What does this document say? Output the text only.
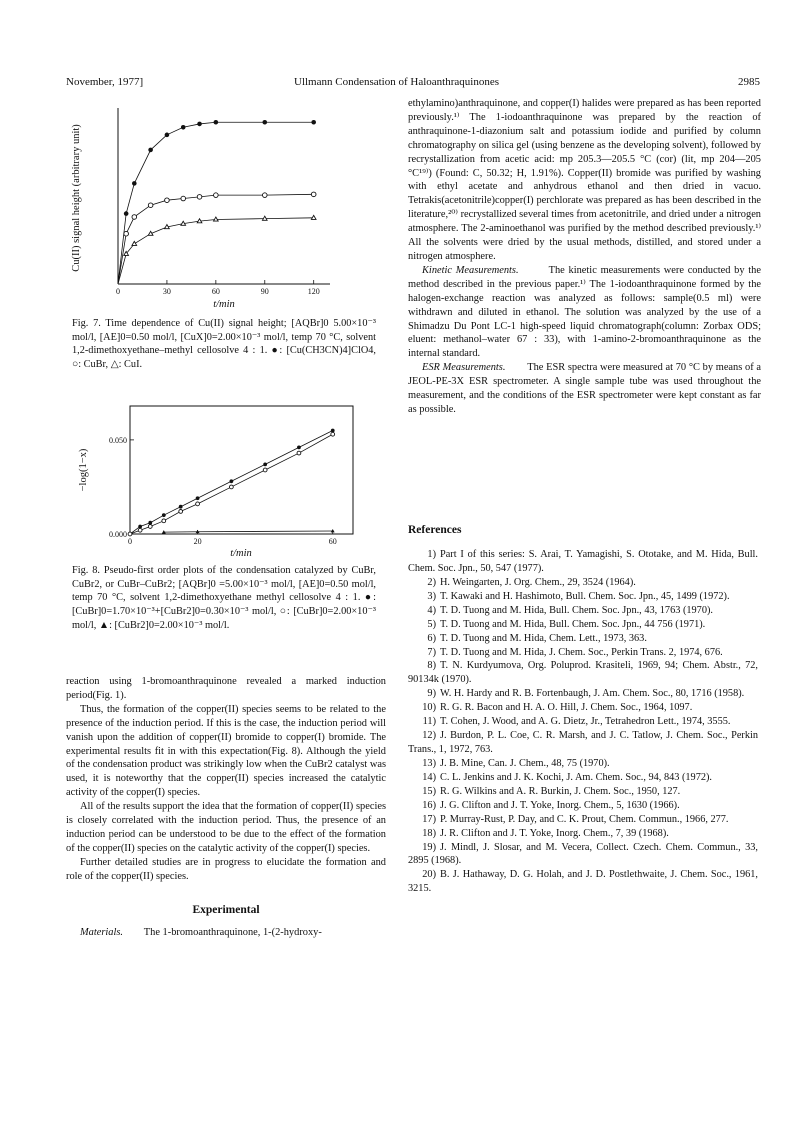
November, 1977]	Ullmann Condensation of Haloanthraquinones	2985
0	30	60	90	120
Cu(II) signal height (arbitrary unit)
t/min
Fig. 7. Time dependence of Cu(II) signal height; [AQBr]0 5.00×10⁻³ mol/l, [AE]0=0.50 mol/l, [CuX]0=2.00×10⁻³ mol/l, temp 70 °C, solvent 1,2-dimethoxyethane–methyl cellosolve 4 : 1. ●: [Cu(CH3CN)4]ClO4, ○: CuBr, △: CuI.
0	20	60
0.000
0.050
−log(1−x)
t/min
Fig. 8. Pseudo-first order plots of the condensation catalyzed by CuBr, CuBr2, or CuBr–CuBr2; [AQBr]0 =5.00×10⁻³ mol/l, [AE]0=0.50 mol/l, temp 70 °C, solvent 1,2-dimethoxyethane methyl cellosolve 4 : 1. ●: [CuBr]0=1.70×10⁻³+[CuBr2]0=0.30×10⁻³ mol/l, ○: [CuBr]0=2.00×10⁻³ mol/l, ▲: [CuBr2]0=2.00×10⁻³ mol/l.

reaction using 1-bromoanthraquinone revealed a marked induction period(Fig. 1).

Thus, the formation of the copper(II) species seems to be related to the presence of the induction period. If this is the case, the induction period will vanish upon the addition of copper(II) bromide to copper(I) bromide. The experimental results fit in with this expectation(Fig. 8). Although the yield of the condensation product was strikingly low when the CuBr2 catalyst was used, it is noteworthy that the copper(II) species increased the catalytic activity of the copper(I) species.

All of the results support the idea that the formation of copper(II) species is closely correlated with the induction period. Thus, the presence of an induction period can be understood to be due to the effect of the formation of the copper(II) species on the catalytic activity of the copper(I) species.

Further detailed studies are in progress to elucidate the formation and role of the copper(II) species.

Experimental

Materials. The 1-bromoanthraquinone, 1-(2-hydroxy-

ethylamino)anthraquinone, and copper(I) halides were prepared as has been reported previously.¹⁾ The 1-iodoanthraquinone was prepared by the reaction of anthraquinone-1-diazonium salt and potassium iodide and purified by column chromatography on silica gel (using benzene as the developing solvent), followed by recrystallization from acetic acid: mp 205.3—205.5 °C (cor) (lit, mp 204—205 °C¹⁹⁾) (Found: C, 50.32; H, 1.91%). Copper(II) bromide was purified by washing with ethyl acetate and anhydrous ethanol and then dried in vacuo. Tetrakis(acetonitrile)copper(I) perchlorate was prepared as has been described in the literature,²⁰⁾ recrystallized several times from acetonitrile, and dried under a nitrogen atmosphere. The 2-aminoethanol was purified by the method described previously.¹⁾ All the solvents were dried by the usual methods, distilled, and stored under a nitrogen atmosphere.

Kinetic Measurements.	The kinetic measurements were conducted by the method described in the previous paper.¹⁾ The 1-iodoanthraquinone formed by the halogen-exchange reaction was analyzed as follows: sample(0.5 ml) were withdrawn and diluted in ethanol. The solution was analyzed by the use of a Shimadzu Du Pont LC-1 high-speed liquid chromatograph(column: Zorbax ODS; eluent: methanol–water 67 : 33), with 1-amino-2-bromoanthraquinone as the internal standard.

ESR Measurements. The ESR spectra were measured at 70 °C by means of a JEOL-PE-3X ESR spectrometer. A single sample tube was used throughout the measurement, and the conditions of the ESR spectrometer were kept constant as far as possible.

References

1) Part I of this series: S. Arai, T. Yamagishi, S. Ototake, and M. Hida, Bull. Chem. Soc. Jpn., 50, 547 (1977).

2) H. Weingarten, J. Org. Chem., 29, 3524 (1964).

3) T. Kawaki and H. Hashimoto, Bull. Chem. Soc. Jpn., 45, 1499 (1972).

4) T. D. Tuong and M. Hida, Bull. Chem. Soc. Jpn., 43, 1763 (1970).

5) T. D. Tuong and M. Hida, Bull. Chem. Soc. Jpn., 44 756 (1971).

6) T. D. Tuong and M. Hida, Chem. Lett., 1973, 363.

7) T. D. Tuong and M. Hida, J. Chem. Soc., Perkin Trans. 2, 1974, 676.

8) T. N. Kurdyumova, Org. Poluprod. Krasiteli, 1969, 94; Chem. Abstr., 72, 90134k (1970).

9) W. H. Hardy and R. B. Fortenbaugh, J. Am. Chem. Soc., 80, 1716 (1958).

10) R. G. R. Bacon and H. A. O. Hill, J. Chem. Soc., 1964, 1097.

11) T. Cohen, J. Wood, and A. G. Dietz, Jr., Tetrahedron Lett., 1974, 3555.

12) J. Burdon, P. L. Coe, C. R. Marsh, and J. C. Tatlow, J. Chem. Soc., Perkin Trans., 1, 1972, 763.

13) J. B. Mine, Can. J. Chem., 48, 75 (1970).

14) C. L. Jenkins and J. K. Kochi, J. Am. Chem. Soc., 94, 843 (1972).

15) R. G. Wilkins and A. R. Burkin, J. Chem. Soc., 1950, 127.

16) J. G. Clifton and J. T. Yoke, Inorg. Chem., 5, 1630 (1966).

17) P. Murray-Rust, P. Day, and C. K. Prout, Chem. Commun., 1966, 277.

18) J. R. Clifton and J. T. Yoke, Inorg. Chem., 7, 39 (1968).

19) J. Mindl, J. Slosar, and M. Vecera, Collect. Czech. Chem. Commun., 33, 2895 (1968).

20) B. J. Hathaway, D. G. Holah, and J. D. Postlethwaite, J. Chem. Soc., 1961, 3215.
